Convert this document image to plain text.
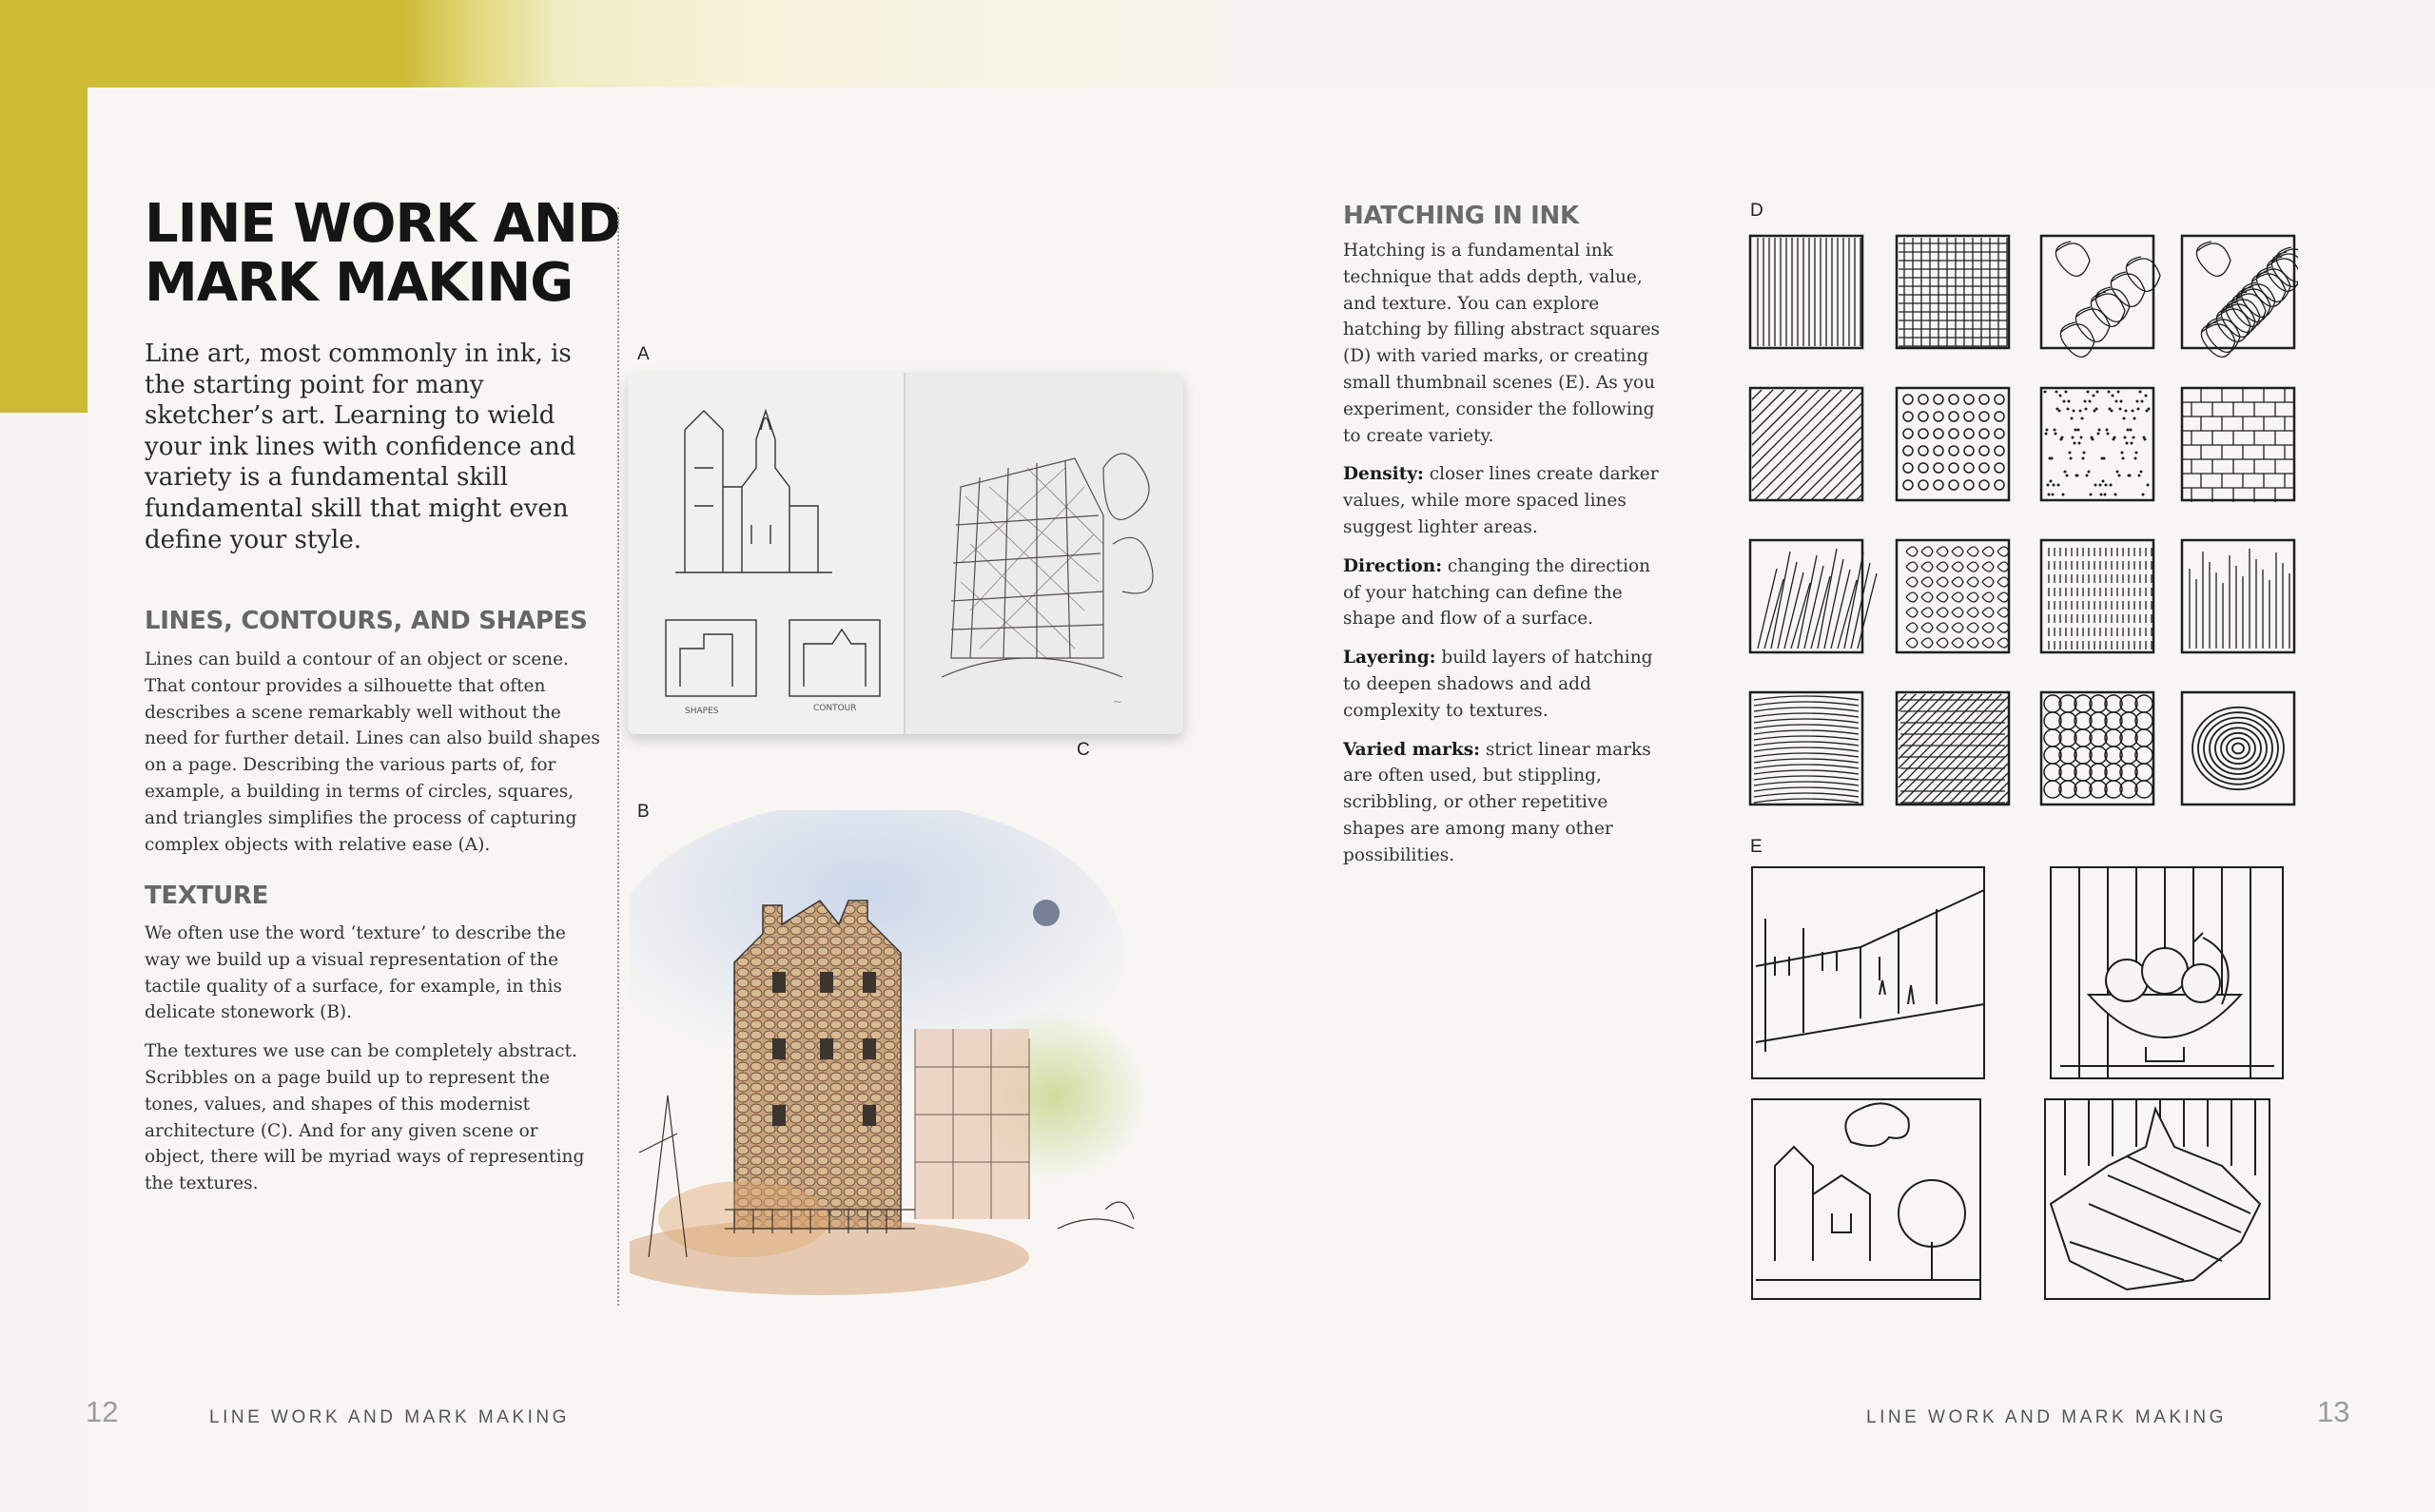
LINE WORK AND
MARK MAKING
Line art, most commonly in ink, is the starting point for many sketcher’s art. Learning to wield your ink lines with confidence and variety is a fundamental skill fundamental skill that might even define your style.
LINES, CONTOURS, AND SHAPES

Lines can build a contour of an object or scene. That contour provides a silhouette that often describes a scene remarkably well without the need for further detail. Lines can also build shapes on a page. Describing the various parts of, for example, a building in terms of circles, squares, and triangles simplifies the process of capturing complex objects with relative ease (A).

TEXTURE

We often use the word ‘texture’ to describe the way we build up a visual representation of the tactile quality of a surface, for example, in this delicate stonework (B).

The textures we use can be completely abstract. Scribbles on a page build up to represent the tones, values, and shapes of this modernist architecture (C). And for any given scene or object, there will be myriad ways of representing the textures.

A
SHAPES	CONTOUR	~
C
B
HATCHING IN INK

Hatching is a fundamental ink technique that adds depth, value, and texture. You can explore hatching by filling abstract squares (D) with varied marks, or creating small thumbnail scenes (E). As you experiment, consider the following to create variety.

Density: closer lines create darker values, while more spaced lines suggest lighter areas.

Direction: changing the direction of your hatching can define the shape and flow of a surface.

Layering: build layers of hatching to deepen shadows and add complexity to textures.

Varied marks: strict linear marks are often used, but stippling, scribbling, or other repetitive shapes are among many other possibilities.

D
E
12	LINE WORK AND MARK MAKING	LINE WORK AND MARK MAKING	13
